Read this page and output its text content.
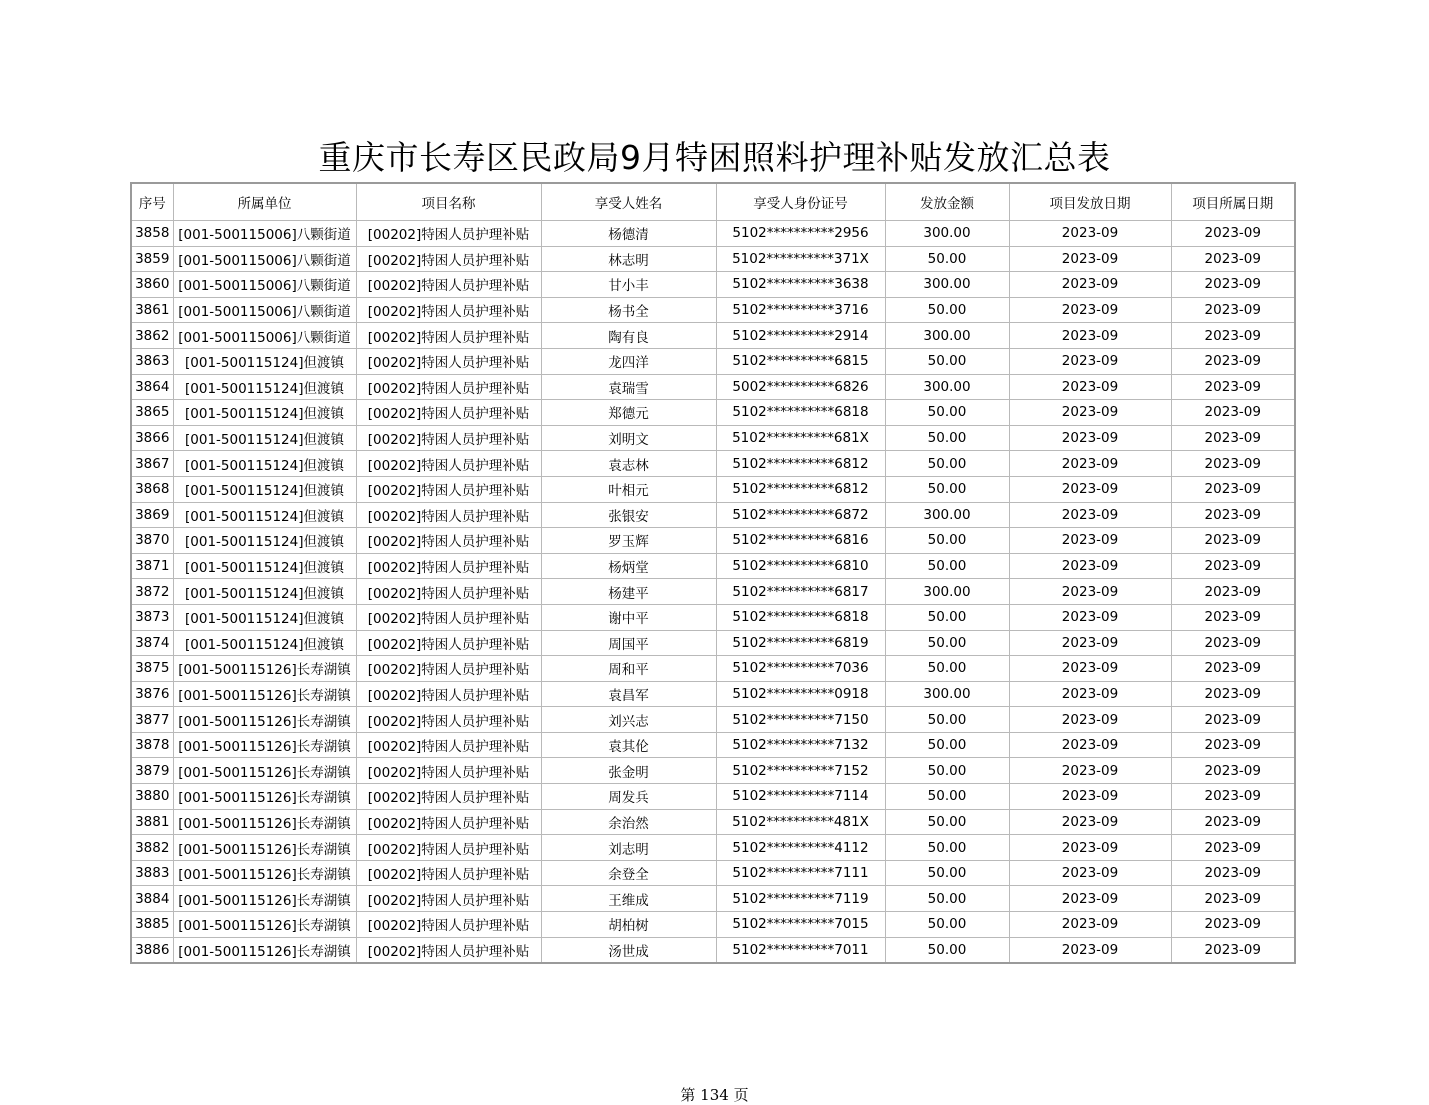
重庆市长寿区民政局9月特困照料护理补贴发放汇总表
序号	所属单位	项目名称	享受人姓名	享受人身份证号	发放金额	项目发放日期	项目所属日期
3858	[001-500115006]八颗街道	[00202]特困人员护理补贴	杨德清	5102**********2956	300.00	2023-09	2023-09
3859	[001-500115006]八颗街道	[00202]特困人员护理补贴	林志明	5102**********371X	50.00	2023-09	2023-09
3860	[001-500115006]八颗街道	[00202]特困人员护理补贴	甘小丰	5102**********3638	300.00	2023-09	2023-09
3861	[001-500115006]八颗街道	[00202]特困人员护理补贴	杨书全	5102**********3716	50.00	2023-09	2023-09
3862	[001-500115006]八颗街道	[00202]特困人员护理补贴	陶有良	5102**********2914	300.00	2023-09	2023-09
3863	[001-500115124]但渡镇	[00202]特困人员护理补贴	龙四洋	5102**********6815	50.00	2023-09	2023-09
3864	[001-500115124]但渡镇	[00202]特困人员护理补贴	袁瑞雪	5002**********6826	300.00	2023-09	2023-09
3865	[001-500115124]但渡镇	[00202]特困人员护理补贴	郑德元	5102**********6818	50.00	2023-09	2023-09
3866	[001-500115124]但渡镇	[00202]特困人员护理补贴	刘明文	5102**********681X	50.00	2023-09	2023-09
3867	[001-500115124]但渡镇	[00202]特困人员护理补贴	袁志林	5102**********6812	50.00	2023-09	2023-09
3868	[001-500115124]但渡镇	[00202]特困人员护理补贴	叶相元	5102**********6812	50.00	2023-09	2023-09
3869	[001-500115124]但渡镇	[00202]特困人员护理补贴	张银安	5102**********6872	300.00	2023-09	2023-09
3870	[001-500115124]但渡镇	[00202]特困人员护理补贴	罗玉辉	5102**********6816	50.00	2023-09	2023-09
3871	[001-500115124]但渡镇	[00202]特困人员护理补贴	杨炳堂	5102**********6810	50.00	2023-09	2023-09
3872	[001-500115124]但渡镇	[00202]特困人员护理补贴	杨建平	5102**********6817	300.00	2023-09	2023-09
3873	[001-500115124]但渡镇	[00202]特困人员护理补贴	谢中平	5102**********6818	50.00	2023-09	2023-09
3874	[001-500115124]但渡镇	[00202]特困人员护理补贴	周国平	5102**********6819	50.00	2023-09	2023-09
3875	[001-500115126]长寿湖镇	[00202]特困人员护理补贴	周和平	5102**********7036	50.00	2023-09	2023-09
3876	[001-500115126]长寿湖镇	[00202]特困人员护理补贴	袁昌军	5102**********0918	300.00	2023-09	2023-09
3877	[001-500115126]长寿湖镇	[00202]特困人员护理补贴	刘兴志	5102**********7150	50.00	2023-09	2023-09
3878	[001-500115126]长寿湖镇	[00202]特困人员护理补贴	袁其伦	5102**********7132	50.00	2023-09	2023-09
3879	[001-500115126]长寿湖镇	[00202]特困人员护理补贴	张金明	5102**********7152	50.00	2023-09	2023-09
3880	[001-500115126]长寿湖镇	[00202]特困人员护理补贴	周发兵	5102**********7114	50.00	2023-09	2023-09
3881	[001-500115126]长寿湖镇	[00202]特困人员护理补贴	余治然	5102**********481X	50.00	2023-09	2023-09
3882	[001-500115126]长寿湖镇	[00202]特困人员护理补贴	刘志明	5102**********4112	50.00	2023-09	2023-09
3883	[001-500115126]长寿湖镇	[00202]特困人员护理补贴	余登全	5102**********7111	50.00	2023-09	2023-09
3884	[001-500115126]长寿湖镇	[00202]特困人员护理补贴	王维成	5102**********7119	50.00	2023-09	2023-09
3885	[001-500115126]长寿湖镇	[00202]特困人员护理补贴	胡柏树	5102**********7015	50.00	2023-09	2023-09
3886	[001-500115126]长寿湖镇	[00202]特困人员护理补贴	汤世成	5102**********7011	50.00	2023-09	2023-09
第 134 页
